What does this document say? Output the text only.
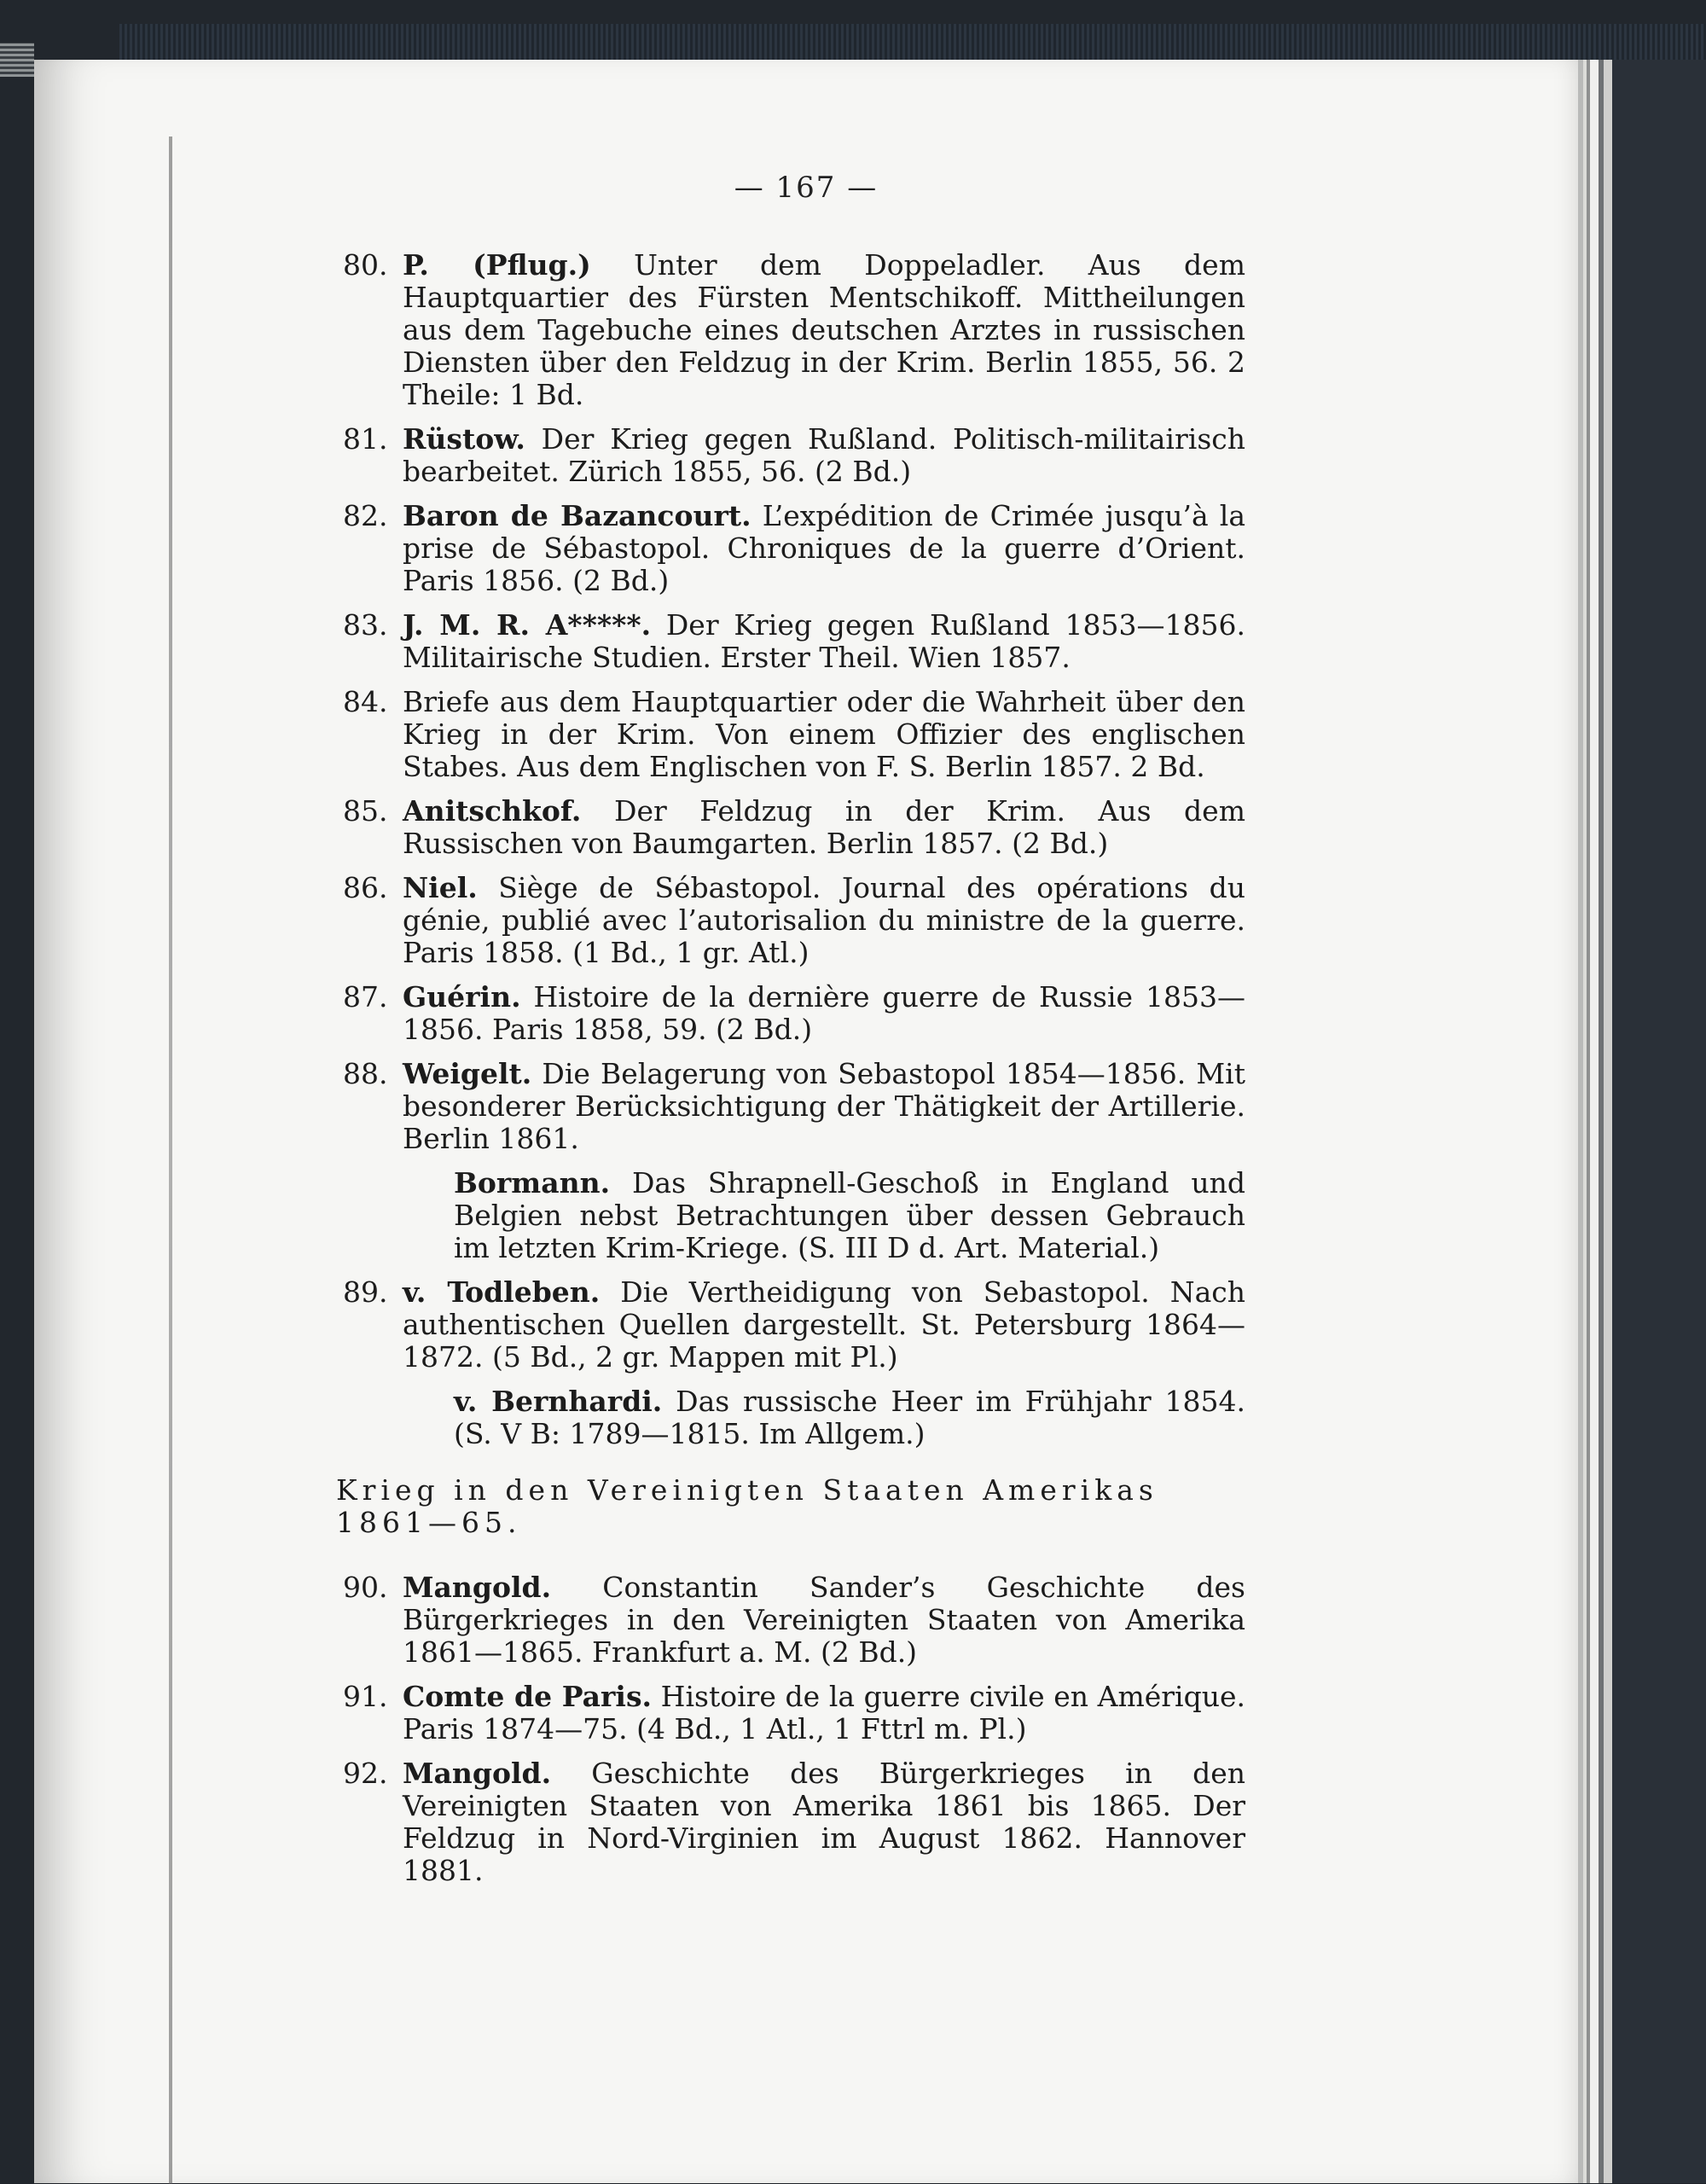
— 167 —
80. P. (Pflug.) Unter dem Doppeladler. Aus dem Hauptquartier des Fürsten Mentschikoff. Mittheilungen aus dem Tagebuche eines deutschen Arztes in russischen Diensten über den Feldzug in der Krim. Berlin 1855, 56. 2 Theile: 1 Bd.
81. Rüstow. Der Krieg gegen Rußland. Politisch-militairisch bearbeitet. Zürich 1855, 56. (2 Bd.)
82. Baron de Bazancourt. L’expédition de Crimée jusqu’à la prise de Sébastopol. Chroniques de la guerre d’Orient. Paris 1856. (2 Bd.)
83. J. M. R. A*****. Der Krieg gegen Rußland 1853—1856. Militairische Studien. Erster Theil. Wien 1857.
84. Briefe aus dem Hauptquartier oder die Wahrheit über den Krieg in der Krim. Von einem Offizier des englischen Stabes. Aus dem Englischen von F. S. Berlin 1857. 2 Bd.
85. Anitschkof. Der Feldzug in der Krim. Aus dem Russischen von Baumgarten. Berlin 1857. (2 Bd.)
86. Niel. Siège de Sébastopol. Journal des opérations du génie, publié avec l’autorisalion du ministre de la guerre. Paris 1858. (1 Bd., 1 gr. Atl.)
87. Guérin. Histoire de la dernière guerre de Russie 1853—1856. Paris 1858, 59. (2 Bd.)
88. Weigelt. Die Belagerung von Sebastopol 1854—1856. Mit besonderer Berücksichtigung der Thätigkeit der Artillerie. Berlin 1861.
Bormann. Das Shrapnell-Geschoß in England und Belgien nebst Betrachtungen über dessen Gebrauch im letzten Krim-Kriege. (S. III D d. Art. Material.)
89. v. Todleben. Die Vertheidigung von Sebastopol. Nach authentischen Quellen dargestellt. St. Petersburg 1864—1872. (5 Bd., 2 gr. Mappen mit Pl.)
v. Bernhardi. Das russische Heer im Frühjahr 1854. (S. V B: 1789—1815. Im Allgem.)
Krieg in den Vereinigten Staaten Amerikas 1861—65.
90. Mangold. Constantin Sander’s Geschichte des Bürgerkrieges in den Vereinigten Staaten von Amerika 1861—1865. Frankfurt a. M. (2 Bd.)
91. Comte de Paris. Histoire de la guerre civile en Amérique. Paris 1874—75. (4 Bd., 1 Atl., 1 Fttrl m. Pl.)
92. Mangold. Geschichte des Bürgerkrieges in den Vereinigten Staaten von Amerika 1861 bis 1865. Der Feldzug in Nord-Virginien im August 1862. Hannover 1881.
